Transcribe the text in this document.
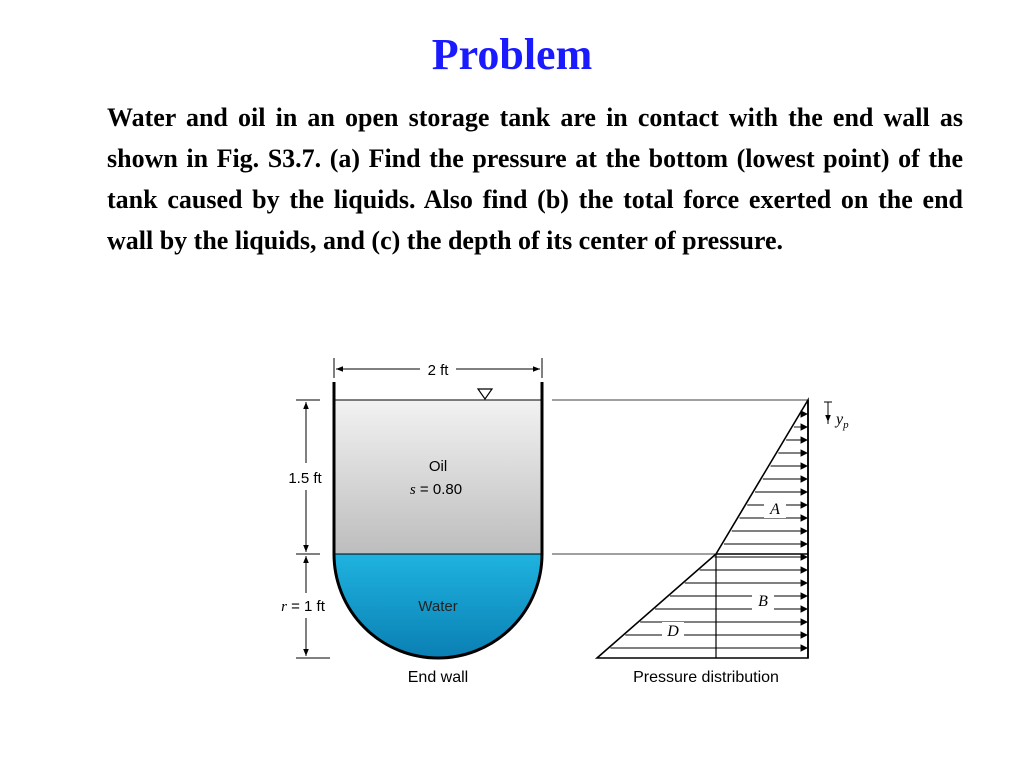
Problem

Water and oil in an open storage tank are in contact with the end wall as shown in Fig. S3.7. (a) Find the pressure at the bottom (lowest point) of the tank caused by the liquids. Also find (b) the total force exerted on the end wall by the liquids, and (c) the depth of its center of pressure.

2 ft
1.5 ft
r = 1 ft
Oil
s = 0.80
Water
End wall
A
B
D
$y_p$
Pressure distribution
